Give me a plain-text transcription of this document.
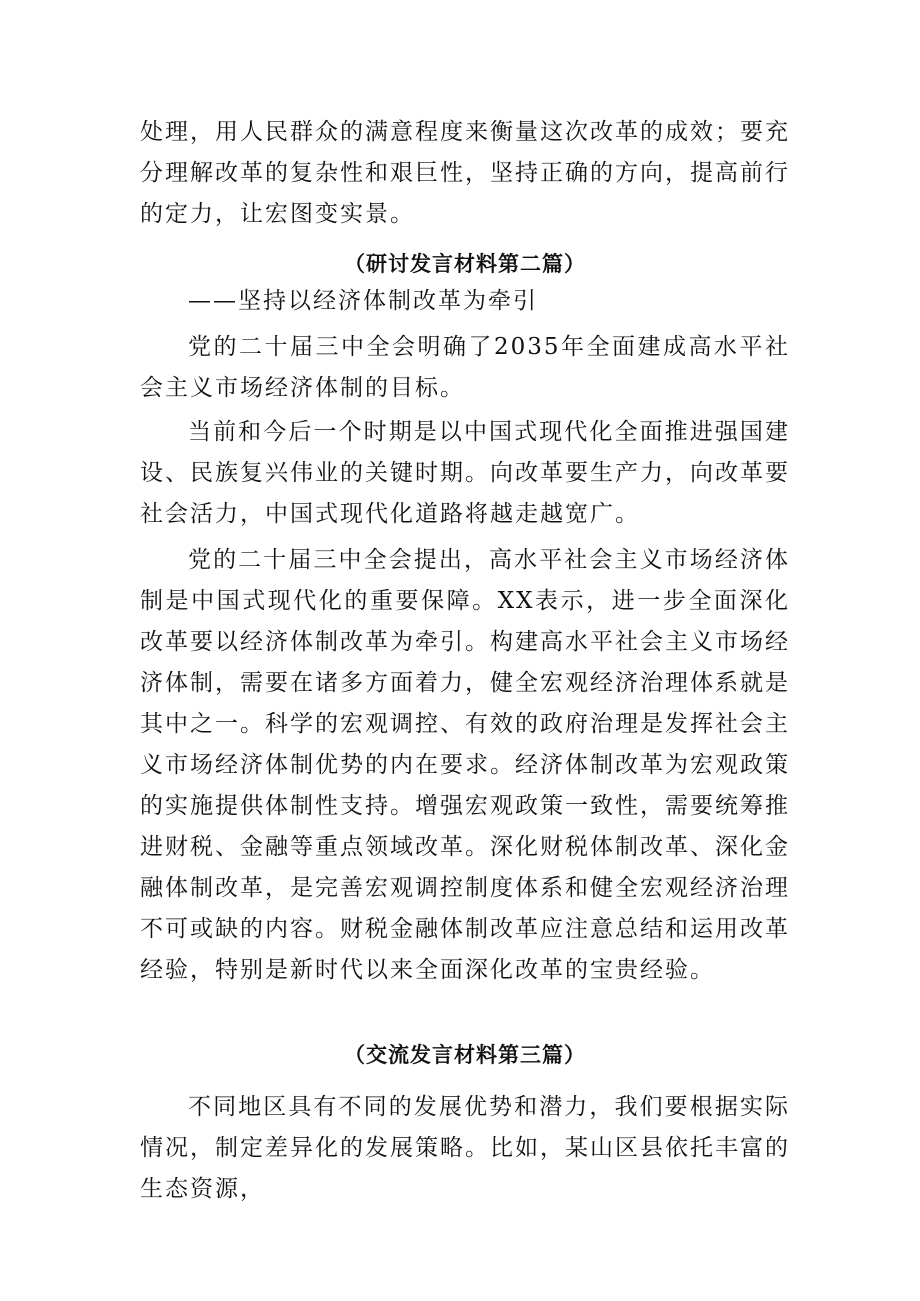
处理，用人民群众的满意程度来衡量这次改革的成效；要充分理解改革的复杂性和艰巨性，坚持正确的方向，提高前行的定力，让宏图变实景。

（研讨发言材料第二篇）

——坚持以经济体制改革为牵引

党的二十届三中全会明确了2035年全面建成高水平社会主义市场经济体制的目标。

当前和今后一个时期是以中国式现代化全面推进强国建设、民族复兴伟业的关键时期。向改革要生产力，向改革要社会活力，中国式现代化道路将越走越宽广。

党的二十届三中全会提出，高水平社会主义市场经济体制是中国式现代化的重要保障。XX表示，进一步全面深化改革要以经济体制改革为牵引。构建高水平社会主义市场经济体制，需要在诸多方面着力，健全宏观经济治理体系就是其中之一。科学的宏观调控、有效的政府治理是发挥社会主义市场经济体制优势的内在要求。经济体制改革为宏观政策的实施提供体制性支持。增强宏观政策一致性，需要统筹推进财税、金融等重点领域改革。深化财税体制改革、深化金融体制改革，是完善宏观调控制度体系和健全宏观经济治理不可或缺的内容。财税金融体制改革应注意总结和运用改革经验，特别是新时代以来全面深化改革的宝贵经验。

（交流发言材料第三篇）

不同地区具有不同的发展优势和潜力，我们要根据实际情况，制定差异化的发展策略。比如，某山区县依托丰富的生态资源，
